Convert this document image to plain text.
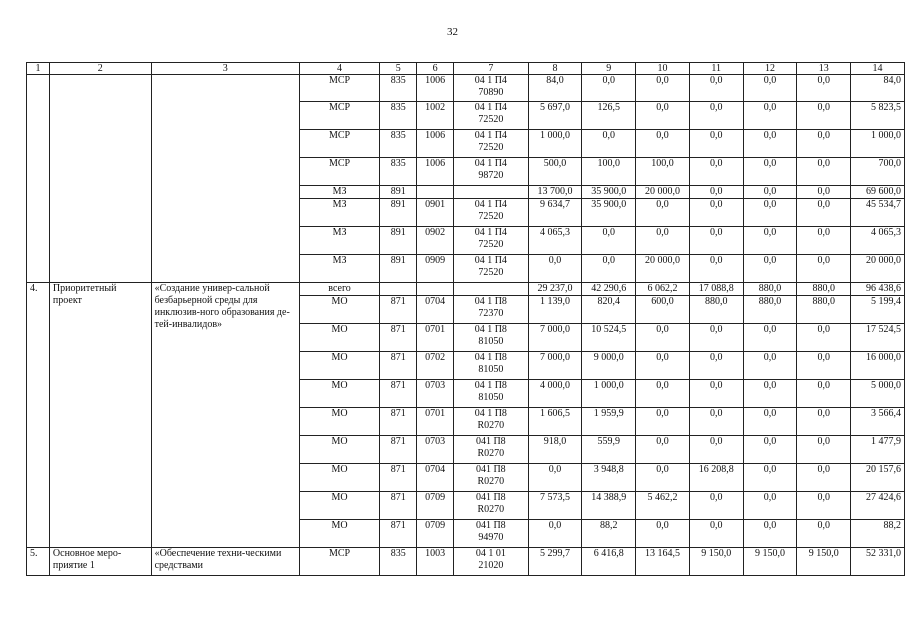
32
1	2	3	4	5	6	7	8	9	10	11	12	13	14
			МСР	835	1006	04 1 П4
70890	84,0	0,0	0,0	0,0	0,0	0,0	84,0
			МСР	835	1002	04 1 П4
72520	5 697,0	126,5	0,0	0,0	0,0	0,0	5 823,5
			МСР	835	1006	04 1 П4
72520	1 000,0	0,0	0,0	0,0	0,0	0,0	1 000,0
			МСР	835	1006	04 1 П4
98720	500,0	100,0	100,0	0,0	0,0	0,0	700,0
			МЗ	891			13 700,0	35 900,0	20 000,0	0,0	0,0	0,0	69 600,0
			МЗ	891	0901	04 1 П4
72520	9 634,7	35 900,0	0,0	0,0	0,0	0,0	45 534,7
			МЗ	891	0902	04 1 П4
72520	4 065,3	0,0	0,0	0,0	0,0	0,0	4 065,3
			МЗ	891	0909	04 1 П4
72520	0,0	0,0	20 000,0	0,0	0,0	0,0	20 000,0
4.	Приоритетный проект	«Создание универ-сальной безбарьерной среды для инклюзив-ного образования де-тей-инвалидов»	всего				29 237,0	42 290,6	6 062,2	17 088,8	880,0	880,0	96 438,6
			МО	871	0704	04 1 П8
72370	1 139,0	820,4	600,0	880,0	880,0	880,0	5 199,4
			МО	871	0701	04 1 П8
81050	7 000,0	10 524,5	0,0	0,0	0,0	0,0	17 524,5
			МО	871	0702	04 1 П8
81050	7 000,0	9 000,0	0,0	0,0	0,0	0,0	16 000,0
			МО	871	0703	04 1 П8
81050	4 000,0	1 000,0	0,0	0,0	0,0	0,0	5 000,0
			МО	871	0701	04 1 П8
R0270	1 606,5	1 959,9	0,0	0,0	0,0	0,0	3 566,4
			МО	871	0703	041 П8
R0270	918,0	559,9	0,0	0,0	0,0	0,0	1 477,9
			МО	871	0704	041 П8
R0270	0,0	3 948,8	0,0	16 208,8	0,0	0,0	20 157,6
			МО	871	0709	041 П8
R0270	7 573,5	14 388,9	5 462,2	0,0	0,0	0,0	27 424,6
			МО	871	0709	041 П8
94970	0,0	88,2	0,0	0,0	0,0	0,0	88,2
5.	Основное меро-приятие 1	«Обеспечение техни-ческими средствами	МСР	835	1003	04 1 01
21020	5 299,7	6 416,8	13 164,5	9 150,0	9 150,0	9 150,0	52 331,0
